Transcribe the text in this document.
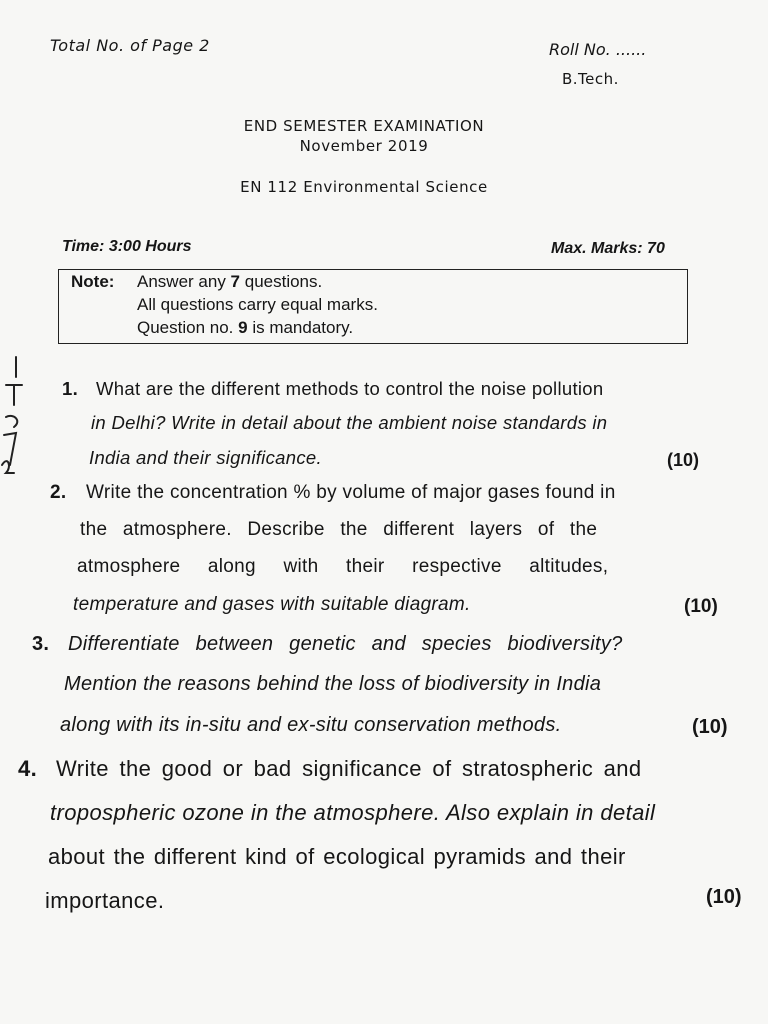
Total No. of Page 2	Roll No. ......
B.Tech.
END SEMESTER EXAMINATION
November 2019
EN 112 Environmental Science
Time: 3:00 Hours	Max. Marks: 70
Note: Answer any 7 questions.
All questions carry equal marks.
Question no. 9 is mandatory.
1. What are the different methods to control the noise pollution
in Delhi? Write in detail about the ambient noise standards in
India and their significance.	(10)
2. Write the concentration % by volume of major gases found in
the atmosphere. Describe the different layers of the
atmosphere along with their respective altitudes,
temperature and gases with suitable diagram.	(10)
3. Differentiate between genetic and species biodiversity?
Mention the reasons behind the loss of biodiversity in India
along with its in-situ and ex-situ conservation methods.	(10)
4. Write the good or bad significance of stratospheric and
tropospheric ozone in the atmosphere. Also explain in detail
about the different kind of ecological pyramids and their
importance.	(10)
